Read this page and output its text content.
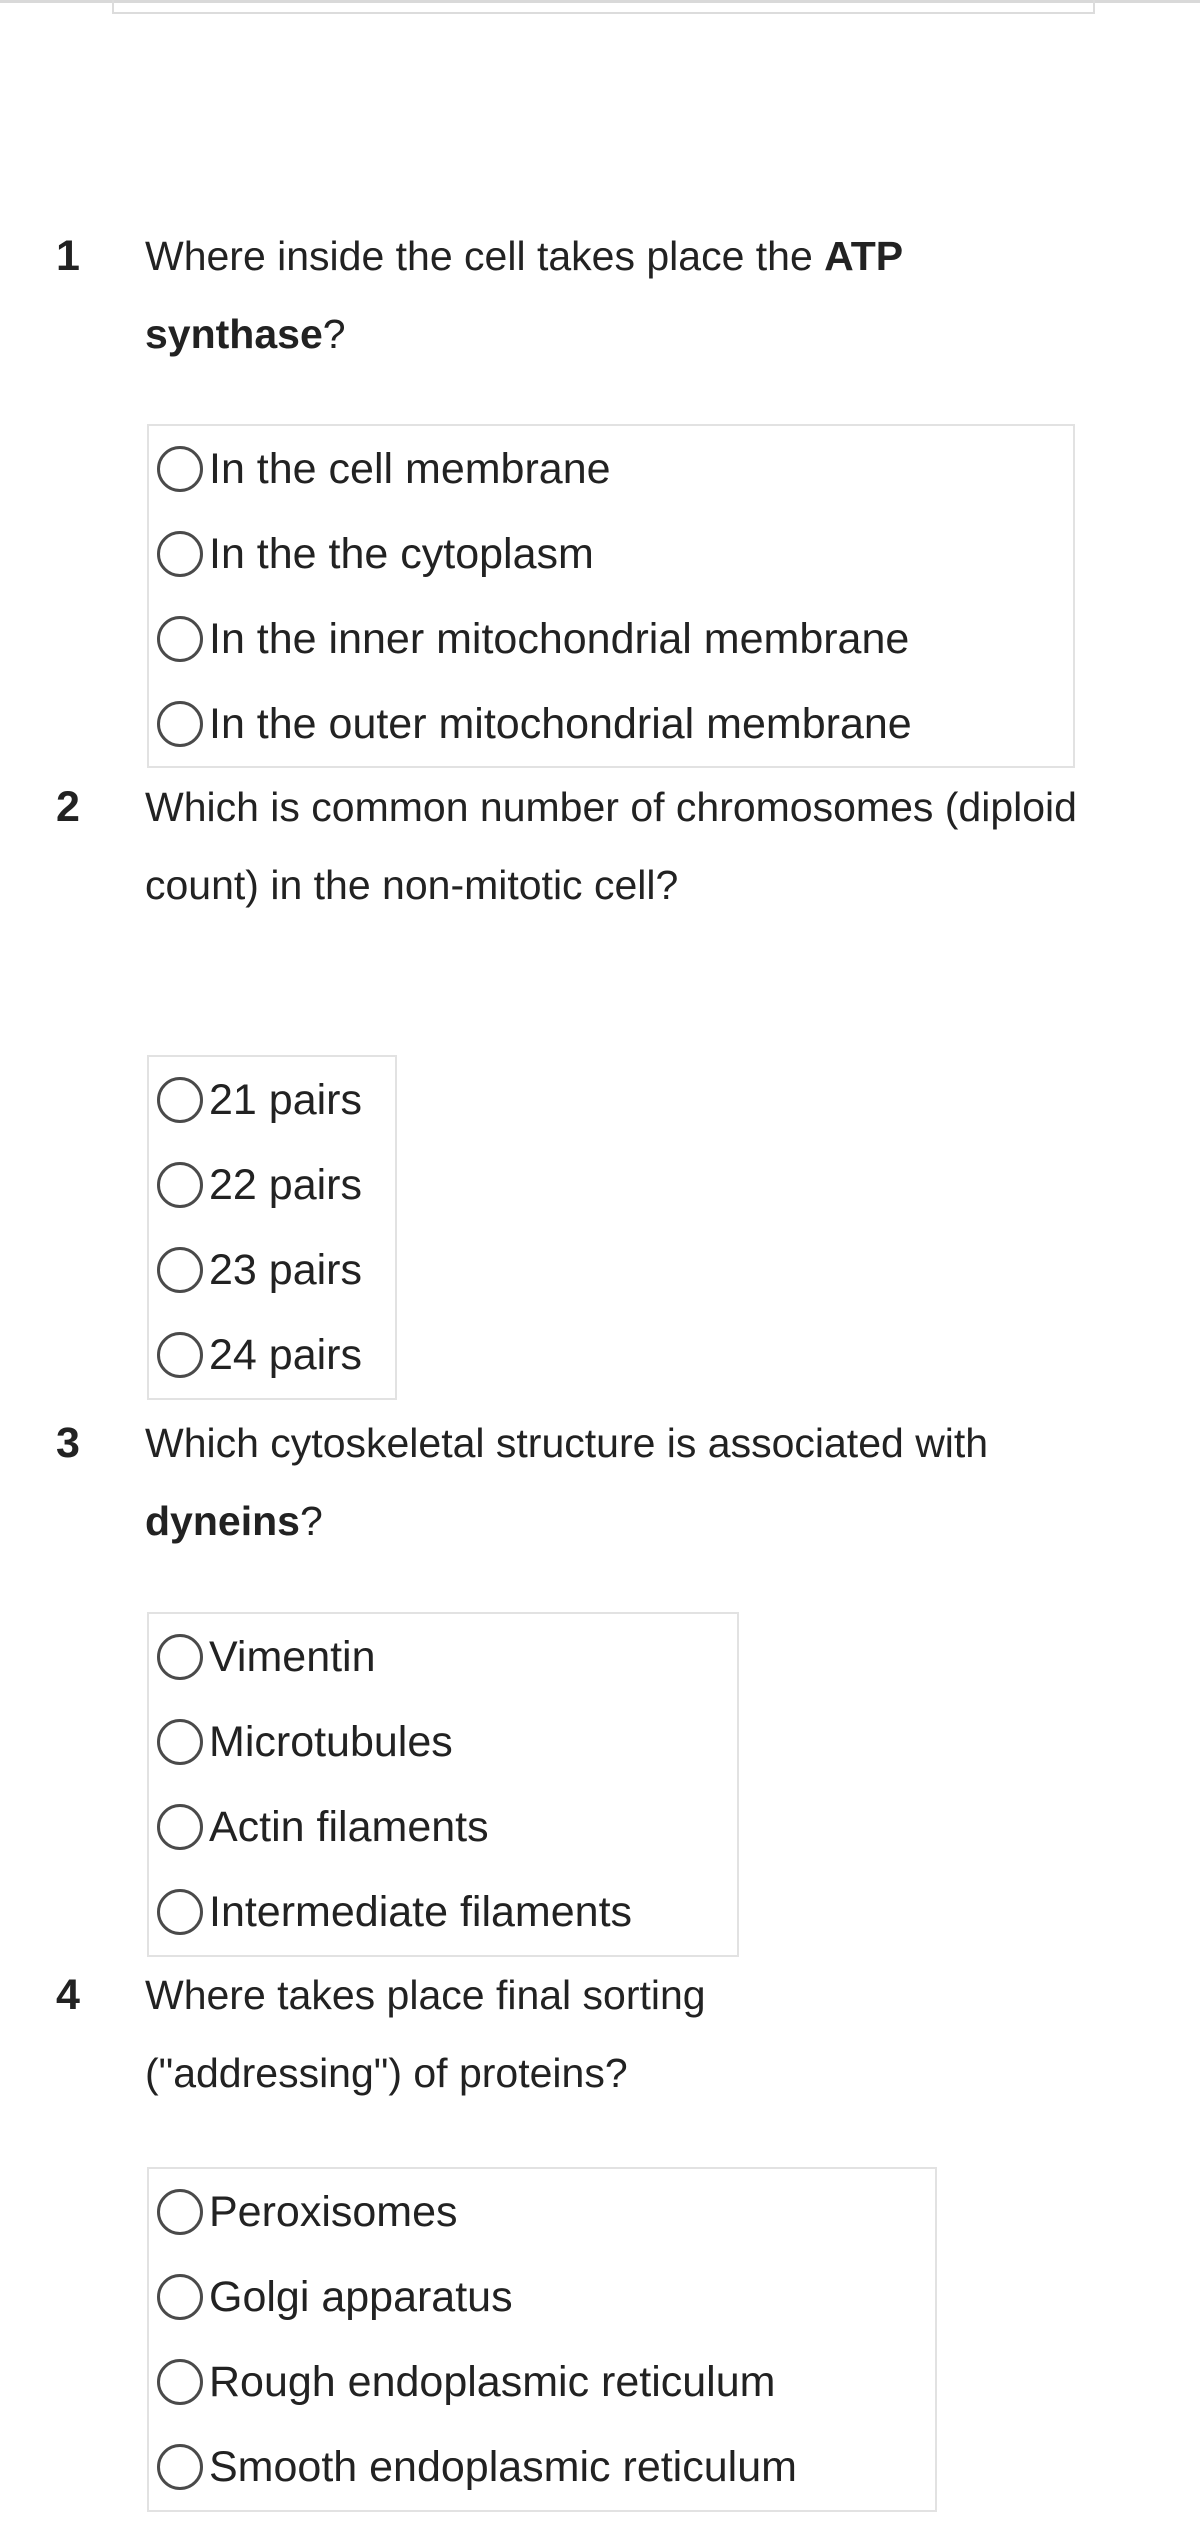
1 Where inside the cell takes place the ATP synthase?
In the cell membrane
In the the cytoplasm
In the inner mitochondrial membrane
In the outer mitochondrial membrane
2 Which is common number of chromosomes (diploid count) in the non-mitotic cell?
21 pairs
22 pairs
23 pairs
24 pairs
3 Which cytoskeletal structure is associated with dyneins?
Vimentin
Microtubules
Actin filaments
Intermediate filaments
4 Where takes place final sorting ("addressing") of proteins?
Peroxisomes
Golgi apparatus
Rough endoplasmic reticulum
Smooth endoplasmic reticulum
